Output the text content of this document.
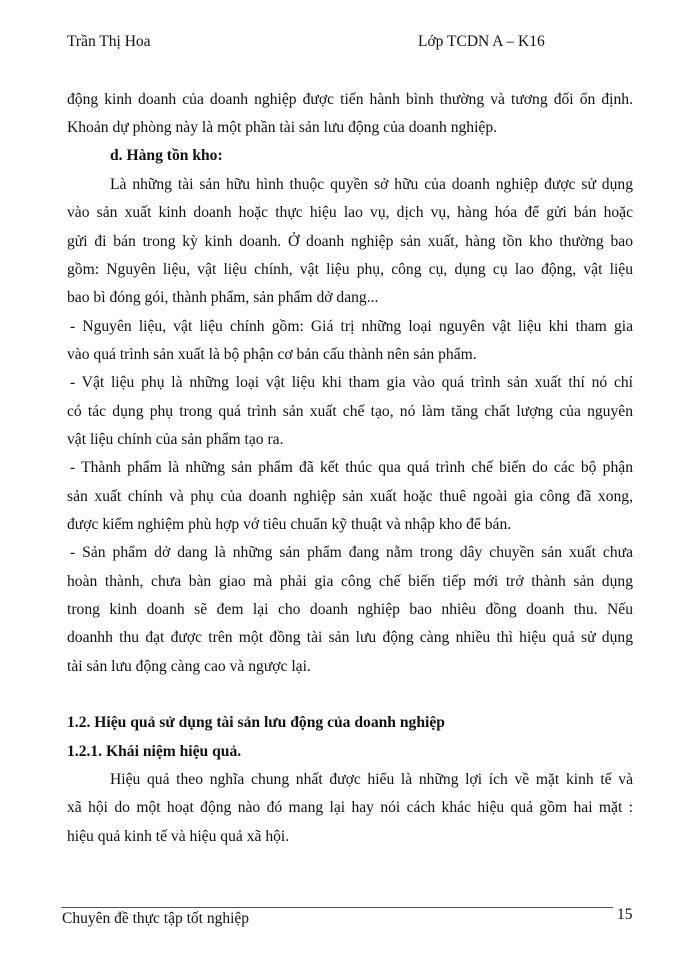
Trần Thị Hoa	Lớp TCDN A – K16
động kinh doanh của doanh nghiệp được tiến hành bình thường và tương đối ổn định.
Khoản dự phòng này là một phần tài sản lưu động của doanh nghiệp.
d. Hàng tồn kho:
Là những tài sản hữu hình thuộc quyền sở hữu của doanh nghiệp được sử dụng
vào sản xuất kinh doanh hoặc thực hiệu lao vụ, dịch vụ, hàng hóa để gửi bán hoặc
gửi đi bán trong kỳ kinh doanh. Ở doanh nghiệp sản xuất, hàng tồn kho thường bao
gồm: Nguyên liệu, vật liệu chính, vật liệu phụ, công cụ, dụng cụ lao động, vật liệu
bao bì đóng gói, thành phẩm, sản phẩm dở dang...
- Nguyên liệu, vật liệu chính gồm: Giá trị những loại nguyên vật liệu khi tham gia
vào quá trình sản xuất là bộ phận cơ bản cấu thành nên sản phẩm.
- Vật liệu phụ là những loại vật liệu khi tham gia vào quá trình sản xuất thí nó chỉ
có tác dụng phụ trong quá trình sản xuất chế tạo, nó làm tăng chất lượng của nguyên
vật liệu chính của sản phẩm tạo ra.
- Thành phẩm là những sản phẩm đã kết thúc qua quá trình chế biến do các bộ phận
sản xuất chính và phụ của doanh nghiệp sản xuất hoặc thuê ngoài gia công đã xong,
được kiểm nghiệm phù hợp vớ tiêu chuẩn kỹ thuật và nhập kho để bán.
- Sản phẩm dở dang là những sản phẩm đang nằm trong dây chuyền sản xuất chưa
hoàn thành, chưa bàn giao mà phải gia công chế biến tiếp mới trở thành sản dụng
trong kinh doanh sẽ đem lại cho doanh nghiệp bao nhiêu đồng doanh thu. Nếu
doanhh thu đạt được trên một đồng tài sản lưu động càng nhiều thì hiệu quả sử dụng
tài sản lưu động càng cao và ngược lại.
1.2. Hiệu quả sử dụng tài sản lưu động của doanh nghiệp
1.2.1. Khái niệm hiệu quả.
Hiệu quả theo nghĩa chung nhất được hiểu là những lợi ích về mặt kinh tế và
xã hội do một hoạt động nào đó mang lại hay nói cách khác hiệu quả gồm hai mặt :
hiệu quả kinh tế và hiệu quả xã hội.
Chuyên đề thực tập tốt nghiệp	15
